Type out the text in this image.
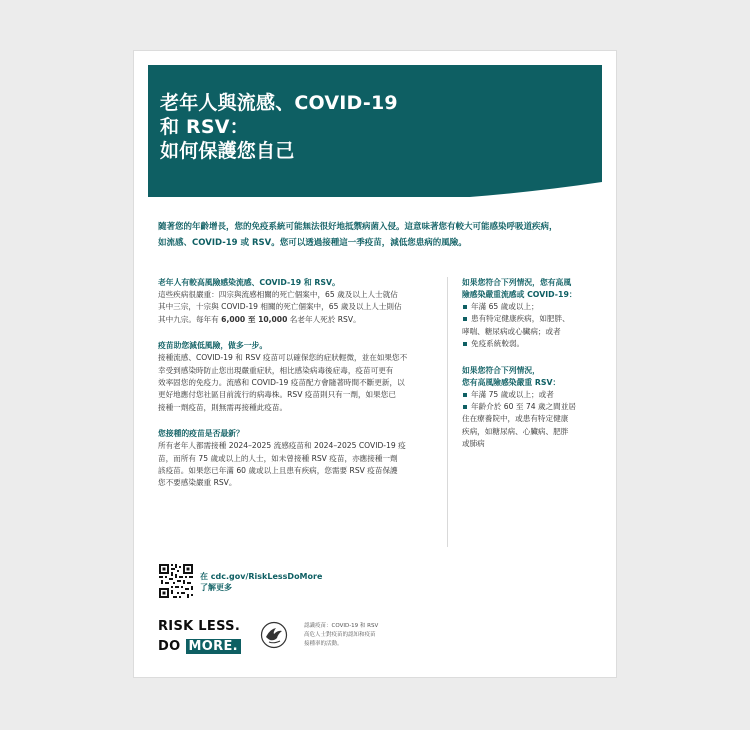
老年人與流感、COVID-19
和 RSV：
如何保護您自己
隨著您的年齡增長，您的免疫系統可能無法很好地抵禦病菌入侵。這意味著您有較大可能感染呼吸道疾病，
如流感、COVID-19 或 RSV。您可以透過接種這一季疫苗，減低您患病的風險。
老年人有較高風險感染流感、COVID-19 和 RSV。
這些疾病很嚴重：四宗與流感相關的死亡個案中，65 歲及以上人士就佔
其中三宗，十宗與 COVID-19 相關的死亡個案中，65 歲及以上人士則佔
其中九宗。每年有 6,000 至 10,000 名老年人死於 RSV。
疫苗助您減低風險，做多一步。
接種流感、COVID-19 和 RSV 疫苗可以確保您的症狀輕微，並在如果您不
幸受到感染時防止您出現嚴重症狀，相比感染病毒後症毒，疫苗可更有
效率固您的免疫力。流感和 COVID-19 疫苗配方會隨著時間不斷更新，以
更好地應付您社區目前流行的病毒株。RSV 疫苗則只有一劑，如果您已
接種一劑疫苗，則無需再接種此疫苗。
您接種的疫苗是否最新？
所有老年人都需接種 2024–2025 流感疫苗和 2024–2025 COVID-19 疫
苗，而所有 75 歲或以上的人士，如未曾接種 RSV 疫苗，亦應接種一劑
該疫苗。如果您已年滿 60 歲或以上且患有疾病，您需要 RSV 疫苗保護
您不要感染嚴重 RSV。
如果您符合下列情況，您有高風
險感染嚴重流感或 COVID-19：
年滿 65 歲或以上；
患有特定健康疾病，如肥胖、
哮喘、糖尿病或心臟病；或者
免疫系統較弱。
如果您符合下列情況，
您有高風險感染嚴重 RSV：
年滿 75 歲或以上；或者
年齡介於 60 至 74 歲之間並居
住在療養院中，或患有特定健康
疾病，如糖尿病、心臟病、肥胖
或肺病
在 cdc.gov/RiskLessDoMore
了解更多
RISK LESS.
DO MORE.
認識疫苗：COVID-19 和 RSV
高危人士對疫苗的認知和疫苗
接種率的活動。
